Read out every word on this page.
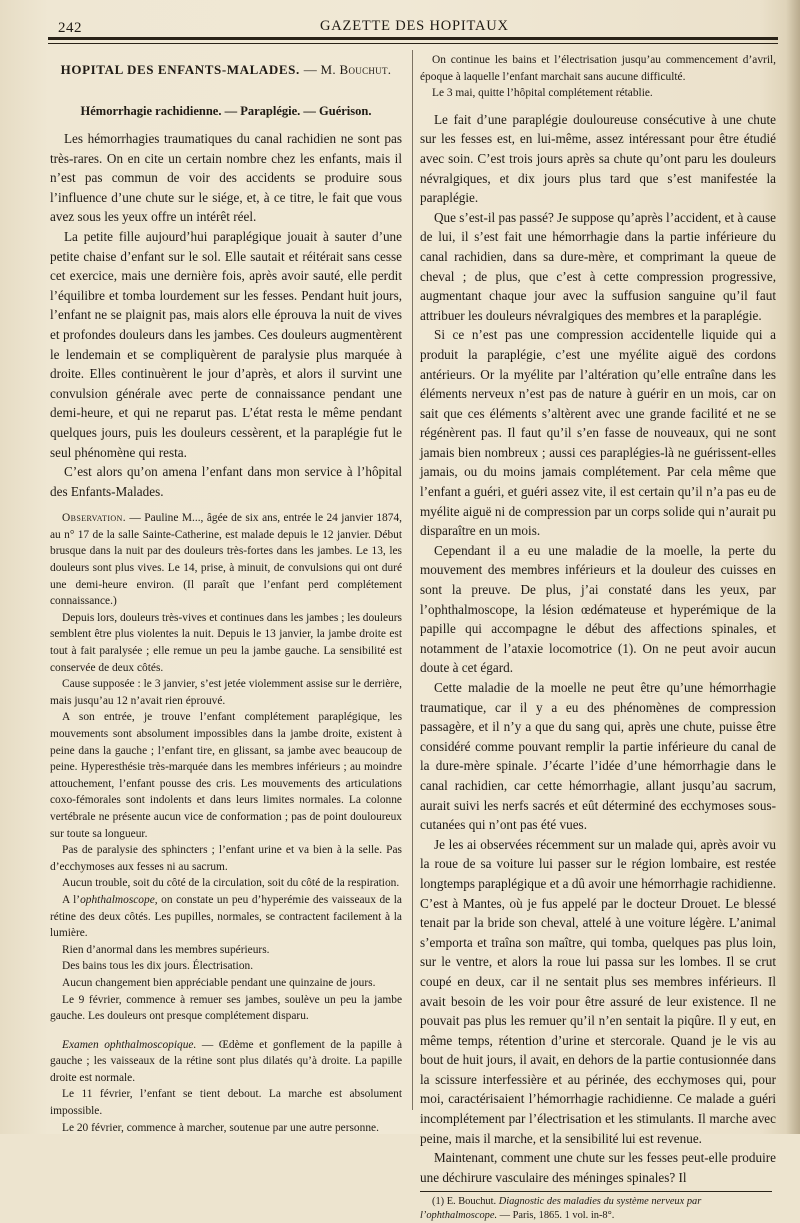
242	GAZETTE DES HOPITAUX
HOPITAL DES ENFANTS-MALADES. — M. Bouchut.
Hémorrhagie rachidienne. — Paraplégie. — Guérison.

Les hémorrhagies traumatiques du canal rachidien ne sont pas très-rares. On en cite un certain nombre chez les enfants, mais il n’est pas commun de voir des accidents se produire sous l’influence d’une chute sur le siége, et, à ce titre, le fait que vous avez sous les yeux offre un intérêt réel.

La petite fille aujourd’hui paraplégique jouait à sauter d’une petite chaise d’enfant sur le sol. Elle sautait et réitérait sans cesse cet exercice, mais une dernière fois, après avoir sauté, elle perdit l’équilibre et tomba lourdement sur les fesses. Pendant huit jours, l’enfant ne se plaignit pas, mais alors elle éprouva la nuit de vives et profondes douleurs dans les jambes. Ces douleurs augmentèrent le lendemain et se compliquèrent de paralysie plus marquée à droite. Elles continuèrent le jour d’après, et alors il survint une convulsion générale avec perte de connaissance pendant une demi-heure, et qui ne reparut pas. L’état resta le même pendant quelques jours, puis les douleurs cessèrent, et la paraplégie fut le seul phénomène qui resta.

C’est alors qu’on amena l’enfant dans mon service à l’hôpital des Enfants-Malades.

Observation. — Pauline M..., âgée de six ans, entrée le 24 janvier 1874, au n° 17 de la salle Sainte-Catherine, est malade depuis le 12 janvier. Début brusque dans la nuit par des douleurs très-fortes dans les jambes. Le 13, les douleurs sont plus vives. Le 14, prise, à minuit, de convulsions qui ont duré une demi-heure environ. (Il paraît que l’enfant perd complétement connaissance.)

Depuis lors, douleurs très-vives et continues dans les jambes ; les douleurs semblent être plus violentes la nuit. Depuis le 13 janvier, la jambe droite est tout à fait paralysée ; elle remue un peu la jambe gauche. La sensibilité est conservée de deux côtés.

Cause supposée : le 3 janvier, s’est jetée violemment assise sur le derrière, mais jusqu’au 12 n’avait rien éprouvé.

A son entrée, je trouve l’enfant complétement paraplégique, les mouvements sont absolument impossibles dans la jambe droite, existent à peine dans la gauche ; l’enfant tire, en glissant, sa jambe avec beaucoup de peine. Hyperesthésie très-marquée dans les membres inférieurs ; au moindre attouchement, l’enfant pousse des cris. Les mouvements des articulations coxo-fémorales sont indolents et dans leurs limites normales. La colonne vertébrale ne présente aucun vice de conformation ; pas de point douloureux sur toute sa longueur.

Pas de paralysie des sphincters ; l’enfant urine et va bien à la selle. Pas d’ecchymoses aux fesses ni au sacrum.

Aucun trouble, soit du côté de la circulation, soit du côté de la respiration.

A l’ophthalmoscope, on constate un peu d’hyperémie des vaisseaux de la rétine des deux côtés. Les pupilles, normales, se contractent facilement à la lumière.

Rien d’anormal dans les membres supérieurs.

Des bains tous les dix jours. Électrisation.

Aucun changement bien appréciable pendant une quinzaine de jours.

Le 9 février, commence à remuer ses jambes, soulève un peu la jambe gauche. Les douleurs ont presque complétement disparu.

Examen ophthalmoscopique. — Œdème et gonflement de la papille à gauche ; les vaisseaux de la rétine sont plus dilatés qu’à droite. La papille droite est normale.

Le 11 février, l’enfant se tient debout. La marche est absolument impossible.

Le 20 février, commence à marcher, soutenue par une autre personne.

On continue les bains et l’électrisation jusqu’au commencement d’avril, époque à laquelle l’enfant marchait sans aucune difficulté.

Le 3 mai, quitte l’hôpital complétement rétablie.

Le fait d’une paraplégie douloureuse consécutive à une chute sur les fesses est, en lui-même, assez intéressant pour être étudié avec soin. C’est trois jours après sa chute qu’ont paru les douleurs névralgiques, et dix jours plus tard que s’est manifestée la paraplégie.

Que s’est-il pas passé? Je suppose qu’après l’accident, et à cause de lui, il s’est fait une hémorrhagie dans la partie inférieure du canal rachidien, dans sa dure-mère, et comprimant la queue de cheval ; de plus, que c’est à cette compression progressive, augmentant chaque jour avec la suffusion sanguine qu’il faut attribuer les douleurs névralgiques des membres et la paraplégie.

Si ce n’est pas une compression accidentelle liquide qui a produit la paraplégie, c’est une myélite aiguë des cordons antérieurs. Or la myélite par l’altération qu’elle entraîne dans les éléments nerveux n’est pas de nature à guérir en un mois, car on sait que ces éléments s’altèrent avec une grande facilité et ne se régénèrent pas. Il faut qu’il s’en fasse de nouveaux, qui ne sont jamais bien nombreux ; aussi ces paraplégies-là ne guérissent-elles jamais, ou du moins jamais complétement. Par cela même que l’enfant a guéri, et guéri assez vite, il est certain qu’il n’a pas eu de myélite aiguë ni de compression par un corps solide qui n’aurait pu disparaître en un mois.

Cependant il a eu une maladie de la moelle, la perte du mouvement des membres inférieurs et la douleur des cuisses en sont la preuve. De plus, j’ai constaté dans les yeux, par l’ophthalmoscope, la lésion œdémateuse et hyperémique de la papille qui accompagne le début des affections spinales, et notamment de l’ataxie locomotrice (1). On ne peut avoir aucun doute à cet égard.

Cette maladie de la moelle ne peut être qu’une hémorrhagie traumatique, car il y a eu des phénomènes de compression passagère, et il n’y a que du sang qui, après une chute, puisse être considéré comme pouvant remplir la partie inférieure du canal de la dure-mère spinale. J’écarte l’idée d’une hémorrhagie dans le canal rachidien, car cette hémorrhagie, allant jusqu’au sacrum, aurait suivi les nerfs sacrés et eût déterminé des ecchymoses sous-cutanées qui n’ont pas été vues.

Je les ai observées récemment sur un malade qui, après avoir vu la roue de sa voiture lui passer sur le région lombaire, est restée longtemps paraplégique et a dû avoir une hémorrhagie rachidienne. C’est à Mantes, où je fus appelé par le docteur Drouet. Le blessé tenait par la bride son cheval, attelé à une voiture légère. L’animal s’emporta et traîna son maître, qui tomba, quelques pas plus loin, sur le ventre, et alors la roue lui passa sur les lombes. Il se crut coupé en deux, car il ne sentait plus ses membres inférieurs. Il avait besoin de les voir pour être assuré de leur existence. Il ne pouvait pas plus les remuer qu’il n’en sentait la piqûre. Il y eut, en même temps, rétention d’urine et stercorale. Quand je le vis au bout de huit jours, il avait, en dehors de la partie contusionnée dans la scissure interfessière et au périnée, des ecchymoses qui, pour moi, caractérisaient l’hémorrhagie rachidienne. Ce malade a guéri incomplétement par l’électrisation et les stimulants. Il marche avec peine, mais il marche, et la sensibilité lui est revenue.

Maintenant, comment une chute sur les fesses peut-elle produire une déchirure vasculaire des méninges spinales? Il

(1) E. Bouchut. Diagnostic des maladies du système nerveux par l’ophthalmoscope. — Paris, 1865. 1 vol. in-8°.
